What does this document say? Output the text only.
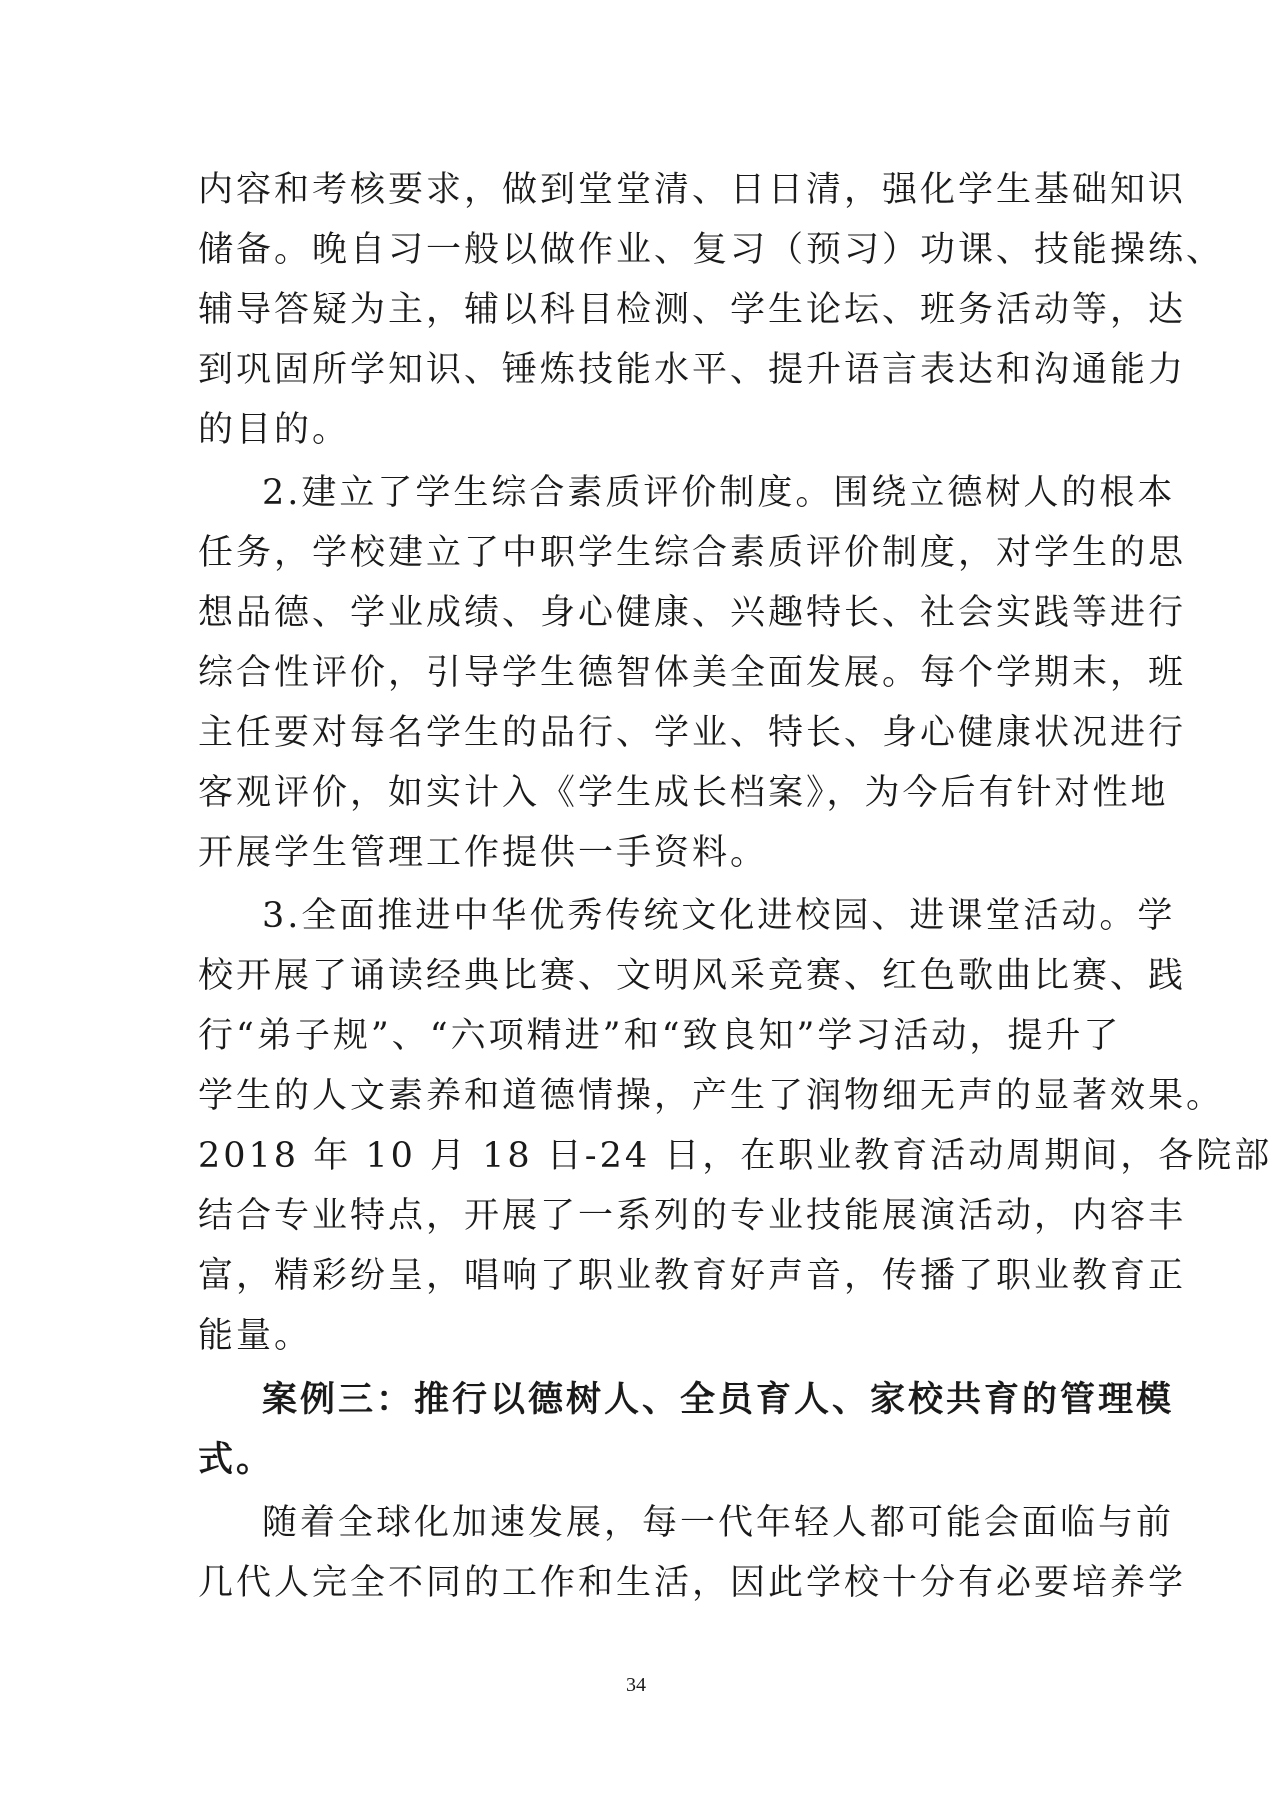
内容和考核要求，做到堂堂清、日日清，强化学生基础知识
储备。晚自习一般以做作业、复习（预习）功课、技能操练、
辅导答疑为主，辅以科目检测、学生论坛、班务活动等，达
到巩固所学知识、锤炼技能水平、提升语言表达和沟通能力
的目的。
2.建立了学生综合素质评价制度。围绕立德树人的根本
任务，学校建立了中职学生综合素质评价制度，对学生的思
想品德、学业成绩、身心健康、兴趣特长、社会实践等进行
综合性评价，引导学生德智体美全面发展。每个学期末，班
主任要对每名学生的品行、学业、特长、身心健康状况进行
客观评价，如实计入《学生成长档案》，为今后有针对性地
开展学生管理工作提供一手资料。
3.全面推进中华优秀传统文化进校园、进课堂活动。学
校开展了诵读经典比赛、文明风采竞赛、红色歌曲比赛、践
行“弟子规”、“六项精进”和“致良知”学习活动，提升了
学生的人文素养和道德情操，产生了润物细无声的显著效果。
2018 年 10 月 18 日-24 日，在职业教育活动周期间，各院部
结合专业特点，开展了一系列的专业技能展演活动，内容丰
富，精彩纷呈，唱响了职业教育好声音，传播了职业教育正
能量。
案例三：推行以德树人、全员育人、家校共育的管理模
式。
随着全球化加速发展，每一代年轻人都可能会面临与前
几代人完全不同的工作和生活，因此学校十分有必要培养学
34
